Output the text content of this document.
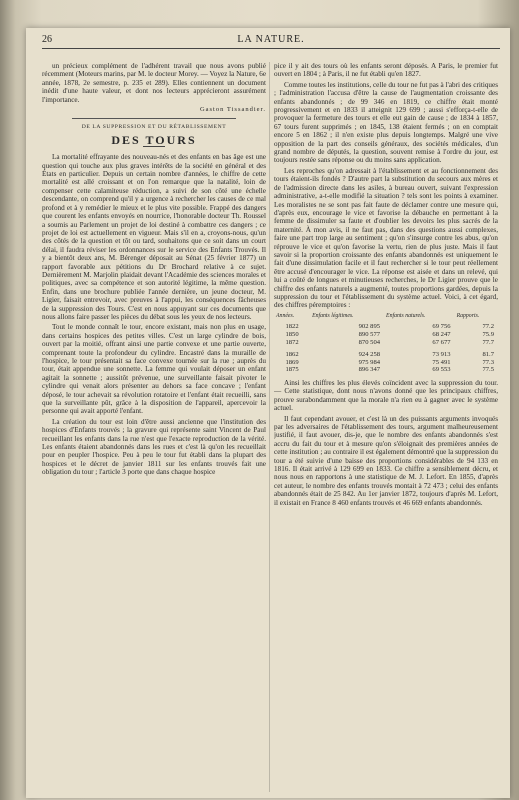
26	LA NATURE.

un précieux complément de l'adhérent travail que nous avons publié récemment (Moteurs marins, par M. le docteur Morey. — Voyez la Nature, 6e année, 1878, 2e semestre, p. 235 et 289). Elles contiennent un document inédit d'une haute valeur, et dont nos lecteurs apprécieront assurément l'importance.

Gaston Tissandier.
DE LA SUPPRESSION ET DU RÉTABLISSEMENT
DES TOURS

La mortalité effrayante des nouveau-nés et des enfants en bas âge est une question qui touche aux plus graves intérêts de la société en général et des États en particulier. Depuis un certain nombre d'années, le chiffre de cette mortalité est allé croissant et on l'on remarque que la natalité, loin de compenser cette calamiteuse réduction, a suivi de son côté une échelle descendante, on comprend qu'il y a urgence à rechercher les causes de ce mal profond et à y remédier le mieux et le plus vite possible. Frappé des dangers que courent les enfants envoyés en nourrice, l'honorable docteur Th. Roussel a soumis au Parlement un projet de loi destiné à combattre ces dangers ; ce projet de loi est actuellement en vigueur. Mais s'il en a, croyons-nous, qu'un des côtés de la question et tôt ou tard, souhaitons que ce soit dans un court délai, il faudra réviser les ordonnances sur le service des Enfants Trouvés. Il y a bientôt deux ans, M. Bérenger déposait au Sénat (25 février 1877) un rapport favorable aux pétitions du Dr Brochard relative à ce sujet. Dernièrement M. Marjolin plaidait devant l'Académie des sciences morales et politiques, avec sa compétence et son autorité légitime, la même question. Enfin, dans une brochure publiée l'année dernière, un jeune docteur, M. Ligier, faisait entrevoir, avec preuves à l'appui, les conséquences fâcheuses de la suppression des Tours. C'est en nous appuyant sur ces documents que nous allons faire passer les pièces du débat sous les yeux de nos lecteurs.

Tout le monde connaît le tour, encore existant, mais non plus en usage, dans certains hospices des petites villes. C'est un large cylindre de bois, ouvert par la moitié, offrant ainsi une partie convexe et une partie ouverte, comprenant toute la profondeur du cylindre. Encastré dans la muraille de l'hospice, le tour présentait sa face convexe tournée sur la rue ; auprès du tour, était appendue une sonnette. La femme qui voulait déposer un enfant agitait la sonnette ; aussitôt prévenue, une surveillante faisait pivoter le cylindre qui venait alors présenter au dehors sa face concave ; l'enfant déposé, le tour achevait sa révolution rotatoire et l'enfant était recueilli, sans que la surveillante pût, grâce à la disposition de l'appareil, apercevoir la personne qui avait apporté l'enfant.

La création du tour est loin d'être aussi ancienne que l'institution des hospices d'Enfants trouvés ; la gravure qui représente saint Vincent de Paul recueillant les enfants dans la rue n'est que l'exacte reproduction de la vérité. Les enfants étaient abandonnés dans les rues et c'est là qu'on les recueillait pour en peupler l'hospice. Peu à peu le tour fut établi dans la plupart des hospices et le décret de janvier 1811 sur les enfants trouvés fait une obligation du tour ; l'article 3 porte que dans chaque hospice

pice il y ait des tours où les enfants seront déposés. A Paris, le premier fut ouvert en 1804 ; à Paris, il ne fut établi qu'en 1827.

Comme toutes les institutions, celle du tour ne fut pas à l'abri des critiques ; l'administration l'accusa d'être la cause de l'augmentation croissante des enfants abandonnés ; de 99 346 en 1819, ce chiffre était monté progressivement et en 1833 il atteignit 129 699 ; aussi s'efforça-t-elle de provoquer la fermeture des tours et elle eut gain de cause ; de 1834 à 1857, 67 tours furent supprimés ; en 1845, 138 étaient fermés ; on en comptait encore 5 en 1862 ; il n'en existe plus depuis longtemps. Malgré une vive opposition de la part des conseils généraux, des sociétés médicales, d'un grand nombre de députés, la question, souvent remise à l'ordre du jour, est toujours restée sans réponse ou du moins sans application.

Les reproches qu'on adressait à l'établissement et au fonctionnement des tours étaient-ils fondés ? D'autre part la substitution du secours aux mères et de l'admission directe dans les asiles, à bureau ouvert, suivant l'expression administrative, a-t-elle modifié la situation ? tels sont les points à examiner. Les moralistes ne se sont pas fait faute de déclamer contre une mesure qui, d'après eux, encourage le vice et favorise la débauche en permettant à la femme de dissimuler sa faute et d'oublier les devoirs les plus sacrés de la maternité. À mon avis, il ne faut pas, dans des questions aussi complexes, faire une part trop large au sentiment ; qu'on s'insurge contre les abus, qu'on réprouve le vice et qu'on favorise la vertu, rien de plus juste. Mais il faut savoir si la proportion croissante des enfants abandonnés est uniquement le fait d'une dissimulation facile et il faut rechercher si le tour peut réellement être accusé d'encourager le vice. La réponse est aisée et dans un relevé, qui lui a coûté de longues et minutieuses recherches, le Dr Ligier prouve que le chiffre des enfants naturels a augmenté, toutes proportions gardées, depuis la suppression du tour et l'établissement du système actuel. Voici, à cet égard, des chiffres péremptoires :

Années.	Enfants légitimes.	Enfants naturels.	Rapports.
1822	902 895	69 756	77.2
1850	890 577	68 247	75.9
1872	870 504	67 677	77.7

1862	924 258	73 913	81.7
1869	975 984	75 491	77.3
1875	896 347	69 553	77.5

Ainsi les chiffres les plus élevés coïncident avec la suppression du tour. — Cette statistique, dont nous n'avons donné que les principaux chiffres, prouve surabondamment que la morale n'a rien eu à gagner avec le système actuel.

Il faut cependant avouer, et c'est là un des puissants arguments invoqués par les adversaires de l'établissement des tours, argument malheureusement justifié, il faut avouer, dis-je, que le nombre des enfants abandonnés s'est accru du fait du tour et à mesure qu'on s'éloignait des premières années de cette institution ; au contraire il est également démontré que la suppression du tour a été suivie d'une baisse des proportions considérables de 94 133 en 1816. Il était arrivé à 129 699 en 1833. Ce chiffre a sensiblement décru, et nous nous en rapportons à une statistique de M. J. Lefort. En 1855, d'après cet auteur, le nombre des enfants trouvés montait à 72 473 ; celui des enfants abandonnés était de 25 842. Au 1er janvier 1872, toujours d'après M. Lefort, il existait en France 8 460 enfants trouvés et 46 669 enfants abandonnés.
